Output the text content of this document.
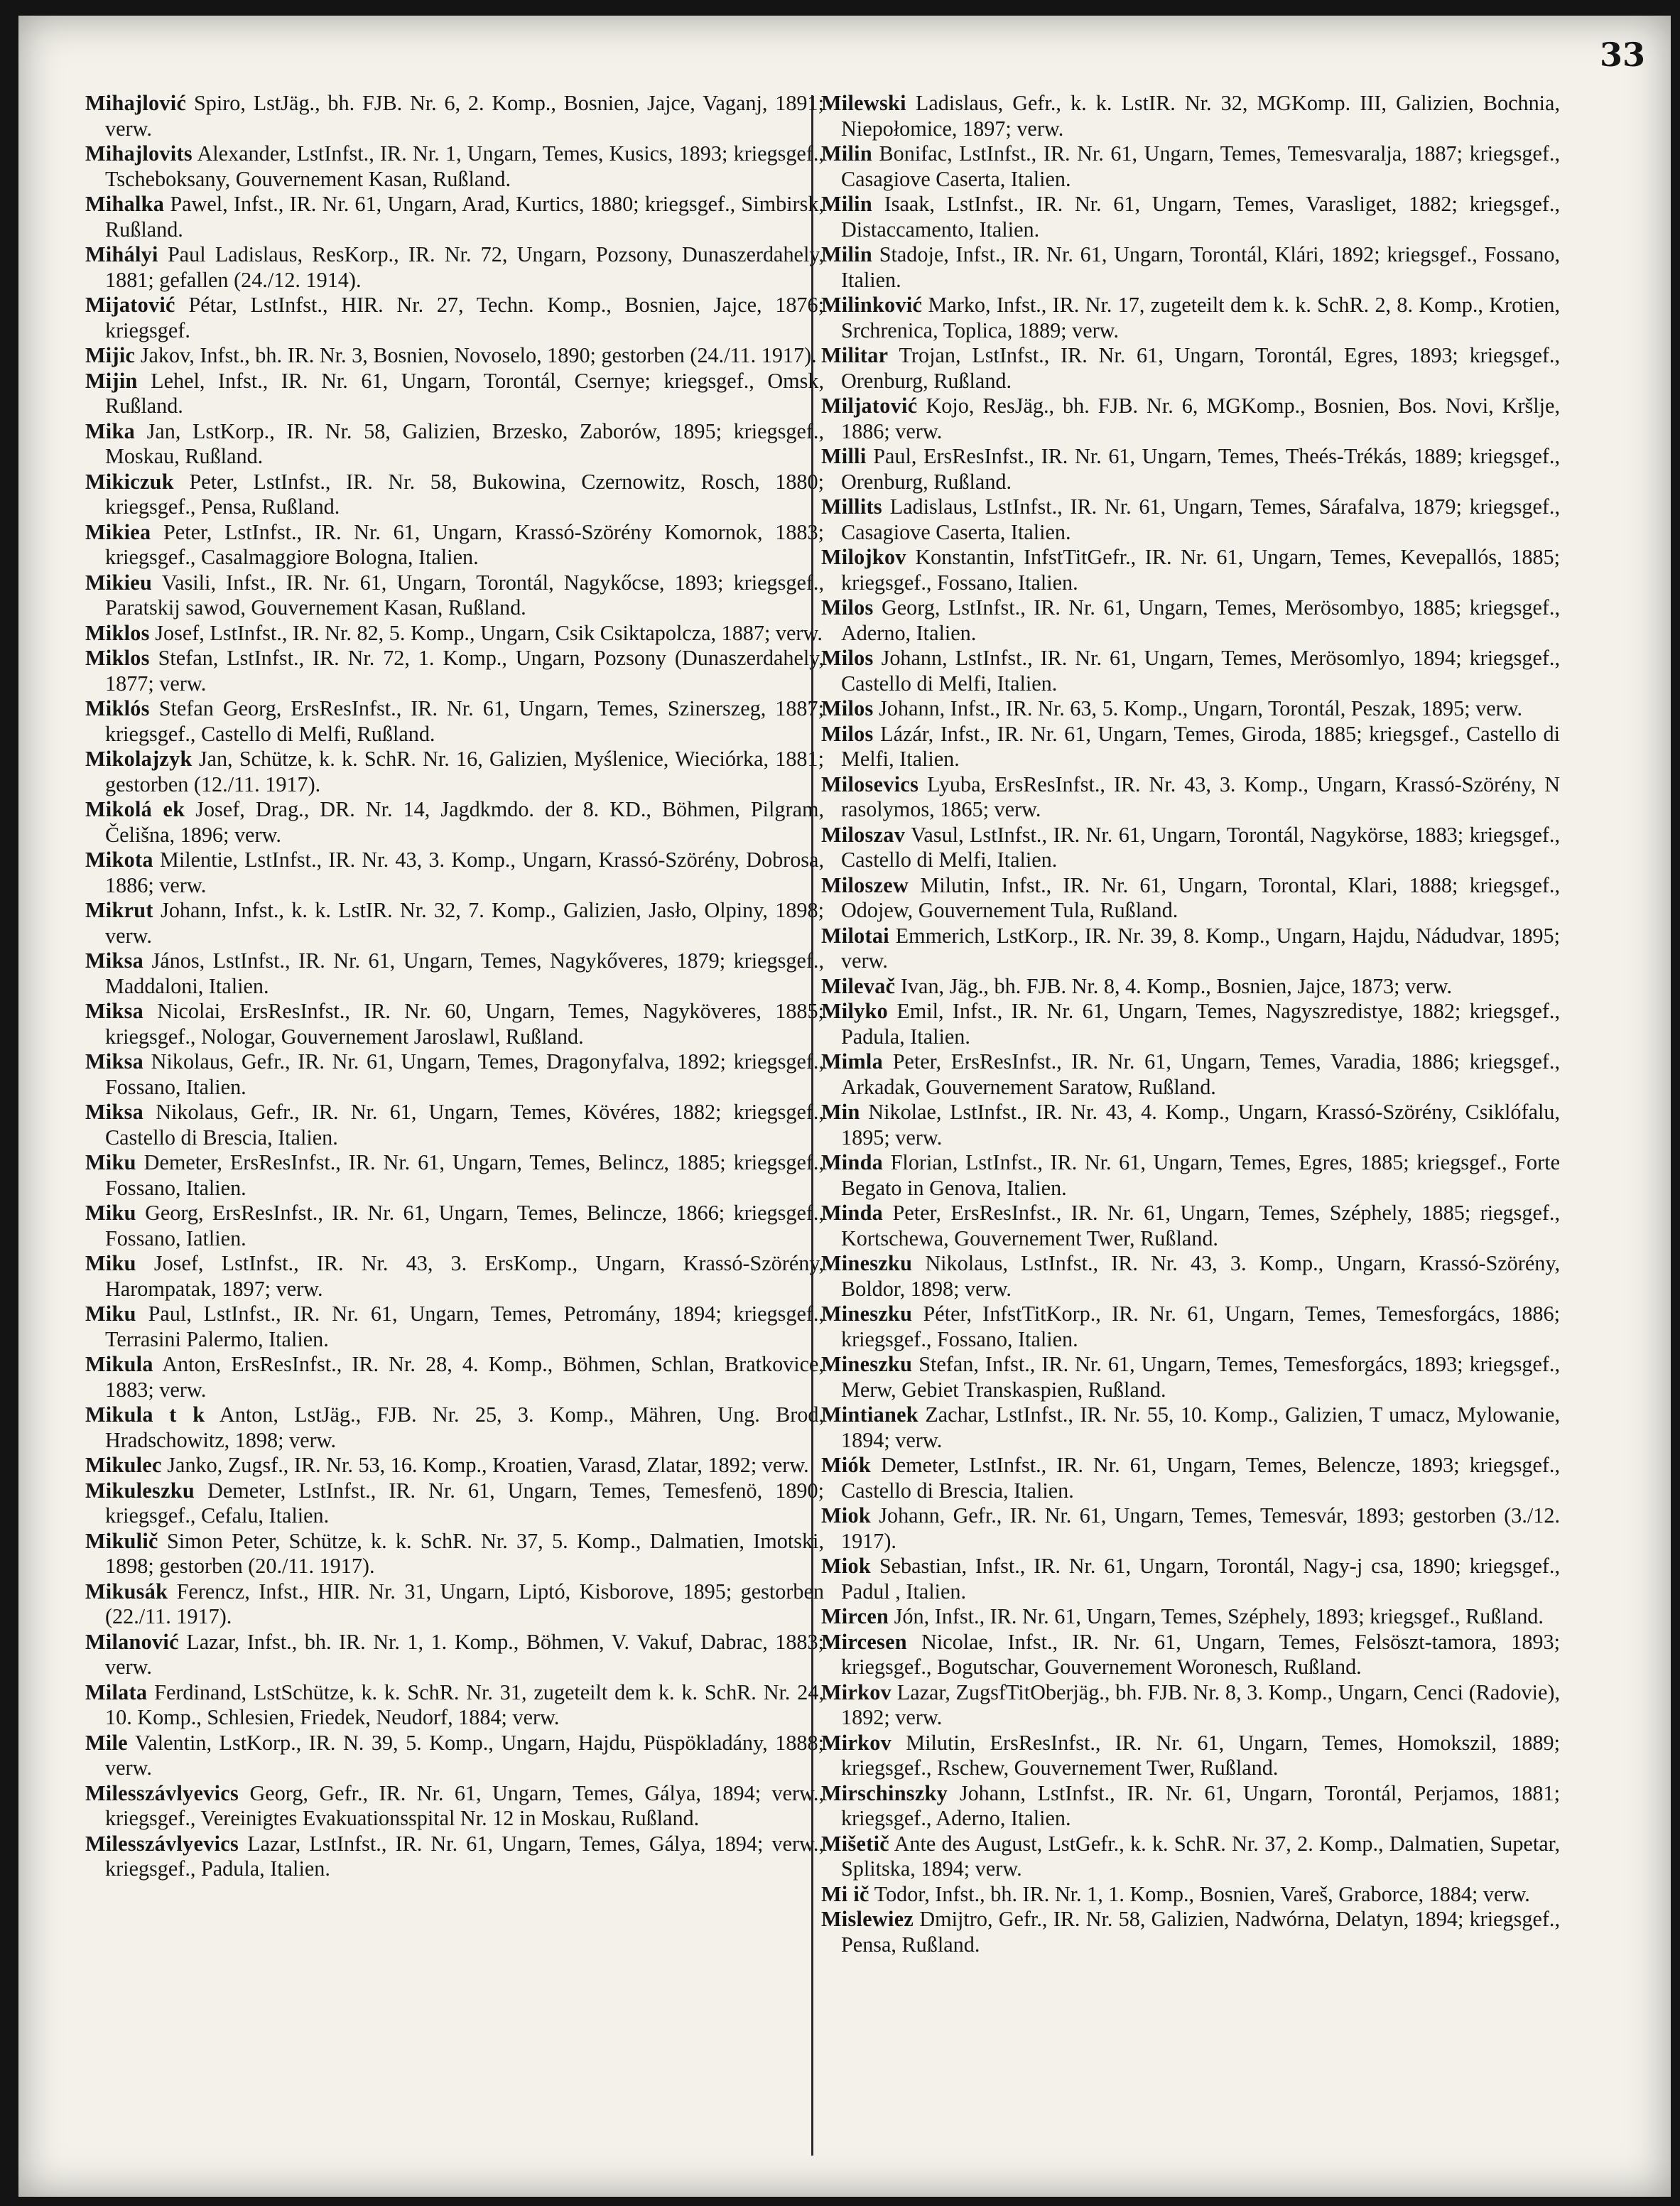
33
Mihajlović Spiro, LstJäg., bh. FJB. Nr. 6, 2. Komp., Bosnien, Jajce, Vaganj, 1891; verw.
Mihajlovits Alexander, LstInfst., IR. Nr. 1, Ungarn, Temes, Kusics, 1893; kriegsgef., Tscheboksany, Gouvernement Kasan, Rußland.
Mihalka Pawel, Infst., IR. Nr. 61, Ungarn, Arad, Kurtics, 1880; kriegsgef., Simbirsk, Rußland.
Mihályi Paul Ladislaus, ResKorp., IR. Nr. 72, Ungarn, Pozsony, Dunaszerdahely, 1881; gefallen (24./12. 1914).
Mijatović Pétar, LstInfst., HIR. Nr. 27, Techn. Komp., Bosnien, Jajce, 1876; kriegsgef.
Mijic Jakov, Infst., bh. IR. Nr. 3, Bosnien, Novoselo, 1890; gestorben (24./11. 1917).
Mijin Lehel, Infst., IR. Nr. 61, Ungarn, Torontál, Csernye; kriegsgef., Omsk, Rußland.
Mika Jan, LstKorp., IR. Nr. 58, Galizien, Brzesko, Zaborów, 1895; kriegsgef., Moskau, Rußland.
Mikiczuk Peter, LstInfst., IR. Nr. 58, Bukowina, Czernowitz, Rosch, 1880; kriegsgef., Pensa, Rußland.
Mikiea Peter, LstInfst., IR. Nr. 61, Ungarn, Krassó-Szörény Komornok, 1883; kriegsgef., Casalmaggiore Bologna, Italien.
Mikieu Vasili, Infst., IR. Nr. 61, Ungarn, Torontál, Nagykőcse, 1893; kriegsgef., Paratskij sawod, Gouvernement Kasan, Rußland.
Miklos Josef, LstInfst., IR. Nr. 82, 5. Komp., Ungarn, Csik Csiktapolcza, 1887; verw.
Miklos Stefan, LstInfst., IR. Nr. 72, 1. Komp., Ungarn, Pozsony (Dunaszerdahely, 1877; verw.
Miklós Stefan Georg, ErsResInfst., IR. Nr. 61, Ungarn, Temes, Szinerszeg, 1887; kriegsgef., Castello di Melfi, Rußland.
Mikolajzyk Jan, Schütze, k. k. SchR. Nr. 16, Galizien, Myślenice, Wieciórka, 1881; gestorben (12./11. 1917).
Mikolá ek Josef, Drag., DR. Nr. 14, Jagdkmdo. der 8. KD., Böhmen, Pilgram, Čelišna, 1896; verw.
Mikota Milentie, LstInfst., IR. Nr. 43, 3. Komp., Ungarn, Krassó-Szörény, Dobrosa, 1886; verw.
Mikrut Johann, Infst., k. k. LstIR. Nr. 32, 7. Komp., Galizien, Jasło, Olpiny, 1898; verw.
Miksa János, LstInfst., IR. Nr. 61, Ungarn, Temes, Nagykőveres, 1879; kriegsgef., Maddaloni, Italien.
Miksa Nicolai, ErsResInfst., IR. Nr. 60, Ungarn, Temes, Nagyköveres, 1885; kriegsgef., Nologar, Gouvernement Jaroslawl, Rußland.
Miksa Nikolaus, Gefr., IR. Nr. 61, Ungarn, Temes, Dragonyfalva, 1892; kriegsgef., Fossano, Italien.
Miksa Nikolaus, Gefr., IR. Nr. 61, Ungarn, Temes, Kövéres, 1882; kriegsgef., Castello di Brescia, Italien.
Miku Demeter, ErsResInfst., IR. Nr. 61, Ungarn, Temes, Belincz, 1885; kriegsgef., Fossano, Italien.
Miku Georg, ErsResInfst., IR. Nr. 61, Ungarn, Temes, Belincze, 1866; kriegsgef., Fossano, Iatlien.
Miku Josef, LstInfst., IR. Nr. 43, 3. ErsKomp., Ungarn, Krassó-Szörény, Harompatak, 1897; verw.
Miku Paul, LstInfst., IR. Nr. 61, Ungarn, Temes, Petromány, 1894; kriegsgef., Terrasini Palermo, Italien.
Mikula Anton, ErsResInfst., IR. Nr. 28, 4. Komp., Böhmen, Schlan, Bratkovice, 1883; verw.
Mikula t k Anton, LstJäg., FJB. Nr. 25, 3. Komp., Mähren, Ung. Brod, Hradschowitz, 1898; verw.
Mikulec Janko, Zugsf., IR. Nr. 53, 16. Komp., Kroatien, Varasd, Zlatar, 1892; verw.
Mikuleszku Demeter, LstInfst., IR. Nr. 61, Ungarn, Temes, Temesfenö, 1890; kriegsgef., Cefalu, Italien.
Mikulič Simon Peter, Schütze, k. k. SchR. Nr. 37, 5. Komp., Dalmatien, Imotski, 1898; gestorben (20./11. 1917).
Mikusák Ferencz, Infst., HIR. Nr. 31, Ungarn, Liptó, Kisborove, 1895; gestorben (22./11. 1917).
Milanović Lazar, Infst., bh. IR. Nr. 1, 1. Komp., Böhmen, V. Vakuf, Dabrac, 1883; verw.
Milata Ferdinand, LstSchütze, k. k. SchR. Nr. 31, zugeteilt dem k. k. SchR. Nr. 24, 10. Komp., Schlesien, Friedek, Neudorf, 1884; verw.
Mile Valentin, LstKorp., IR. N. 39, 5. Komp., Ungarn, Hajdu, Püspökladány, 1888; verw.
Milesszávlyevics Georg, Gefr., IR. Nr. 61, Ungarn, Temes, Gálya, 1894; verw., kriegsgef., Vereinigtes Evakuationsspital Nr. 12 in Moskau, Rußland.
Milesszávlyevics Lazar, LstInfst., IR. Nr. 61, Ungarn, Temes, Gálya, 1894; verw., kriegsgef., Padula, Italien.
Milewski Ladislaus, Gefr., k. k. LstIR. Nr. 32, MGKomp. III, Galizien, Bochnia, Niepołomice, 1897; verw.
Milin Bonifac, LstInfst., IR. Nr. 61, Ungarn, Temes, Temesvaralja, 1887; kriegsgef., Casagiove Caserta, Italien.
Milin Isaak, LstInfst., IR. Nr. 61, Ungarn, Temes, Varasliget, 1882; kriegsgef., Distaccamento, Italien.
Milin Stadoje, Infst., IR. Nr. 61, Ungarn, Torontál, Klári, 1892; kriegsgef., Fossano, Italien.
Milinković Marko, Infst., IR. Nr. 17, zugeteilt dem k. k. SchR. 2, 8. Komp., Krotien, Srchrenica, Toplica, 1889; verw.
Militar Trojan, LstInfst., IR. Nr. 61, Ungarn, Torontál, Egres, 1893; kriegsgef., Orenburg, Rußland.
Miljatović Kojo, ResJäg., bh. FJB. Nr. 6, MGKomp., Bosnien, Bos. Novi, Kršlje, 1886; verw.
Milli Paul, ErsResInfst., IR. Nr. 61, Ungarn, Temes, Theés-Trékás, 1889; kriegsgef., Orenburg, Rußland.
Millits Ladislaus, LstInfst., IR. Nr. 61, Ungarn, Temes, Sárafalva, 1879; kriegsgef., Casagiove Caserta, Italien.
Milojkov Konstantin, InfstTitGefr., IR. Nr. 61, Ungarn, Temes, Kevepallós, 1885; kriegsgef., Fossano, Italien.
Milos Georg, LstInfst., IR. Nr. 61, Ungarn, Temes, Merösombyo, 1885; kriegsgef., Aderno, Italien.
Milos Johann, LstInfst., IR. Nr. 61, Ungarn, Temes, Merösomlyo, 1894; kriegsgef., Castello di Melfi, Italien.
Milos Johann, Infst., IR. Nr. 63, 5. Komp., Ungarn, Torontál, Peszak, 1895; verw.
Milos Lázár, Infst., IR. Nr. 61, Ungarn, Temes, Giroda, 1885; kriegsgef., Castello di Melfi, Italien.
Milosevics Lyuba, ErsResInfst., IR. Nr. 43, 3. Komp., Ungarn, Krassó-Szörény, N rasolymos, 1865; verw.
Miloszav Vasul, LstInfst., IR. Nr. 61, Ungarn, Torontál, Nagykörse, 1883; kriegsgef., Castello di Melfi, Italien.
Miloszew Milutin, Infst., IR. Nr. 61, Ungarn, Torontal, Klari, 1888; kriegsgef., Odojew, Gouvernement Tula, Rußland.
Milotai Emmerich, LstKorp., IR. Nr. 39, 8. Komp., Ungarn, Hajdu, Nádudvar, 1895; verw.
Milevač Ivan, Jäg., bh. FJB. Nr. 8, 4. Komp., Bosnien, Jajce, 1873; verw.
Milyko Emil, Infst., IR. Nr. 61, Ungarn, Temes, Nagyszredistye, 1882; kriegsgef., Padula, Italien.
Mimla Peter, ErsResInfst., IR. Nr. 61, Ungarn, Temes, Varadia, 1886; kriegsgef., Arkadak, Gouvernement Saratow, Rußland.
Min Nikolae, LstInfst., IR. Nr. 43, 4. Komp., Ungarn, Krassó-Szörény, Csiklófalu, 1895; verw.
Minda Florian, LstInfst., IR. Nr. 61, Ungarn, Temes, Egres, 1885; kriegsgef., Forte Begato in Genova, Italien.
Minda Peter, ErsResInfst., IR. Nr. 61, Ungarn, Temes, Széphely, 1885; riegsgef., Kortschewa, Gouvernement Twer, Rußland.
Mineszku Nikolaus, LstInfst., IR. Nr. 43, 3. Komp., Ungarn, Krassó-Szörény, Boldor, 1898; verw.
Mineszku Péter, InfstTitKorp., IR. Nr. 61, Ungarn, Temes, Temesforgács, 1886; kriegsgef., Fossano, Italien.
Mineszku Stefan, Infst., IR. Nr. 61, Ungarn, Temes, Temesforgács, 1893; kriegsgef., Merw, Gebiet Transkaspien, Rußland.
Mintianek Zachar, LstInfst., IR. Nr. 55, 10. Komp., Galizien, T umacz, Mylowanie, 1894; verw.
Miók Demeter, LstInfst., IR. Nr. 61, Ungarn, Temes, Belencze, 1893; kriegsgef., Castello di Brescia, Italien.
Miok Johann, Gefr., IR. Nr. 61, Ungarn, Temes, Temesvár, 1893; gestorben (3./12. 1917).
Miok Sebastian, Infst., IR. Nr. 61, Ungarn, Torontál, Nagy-j csa, 1890; kriegsgef., Padul , Italien.
Mircen Jón, Infst., IR. Nr. 61, Ungarn, Temes, Széphely, 1893; kriegsgef., Rußland.
Mircesen Nicolae, Infst., IR. Nr. 61, Ungarn, Temes, Felsöszt-tamora, 1893; kriegsgef., Bogutschar, Gouvernement Woronesch, Rußland.
Mirkov Lazar, ZugsfTitOberjäg., bh. FJB. Nr. 8, 3. Komp., Ungarn, Cenci (Radovie), 1892; verw.
Mirkov Milutin, ErsResInfst., IR. Nr. 61, Ungarn, Temes, Homokszil, 1889; kriegsgef., Rschew, Gouvernement Twer, Rußland.
Mirschinszky Johann, LstInfst., IR. Nr. 61, Ungarn, Torontál, Perjamos, 1881; kriegsgef., Aderno, Italien.
Mišetič Ante des August, LstGefr., k. k. SchR. Nr. 37, 2. Komp., Dalmatien, Supetar, Splitska, 1894; verw.
Mi ič Todor, Infst., bh. IR. Nr. 1, 1. Komp., Bosnien, Vareš, Graborce, 1884; verw.
Mislewiez Dmijtro, Gefr., IR. Nr. 58, Galizien, Nadwórna, Delatyn, 1894; kriegsgef., Pensa, Rußland.
